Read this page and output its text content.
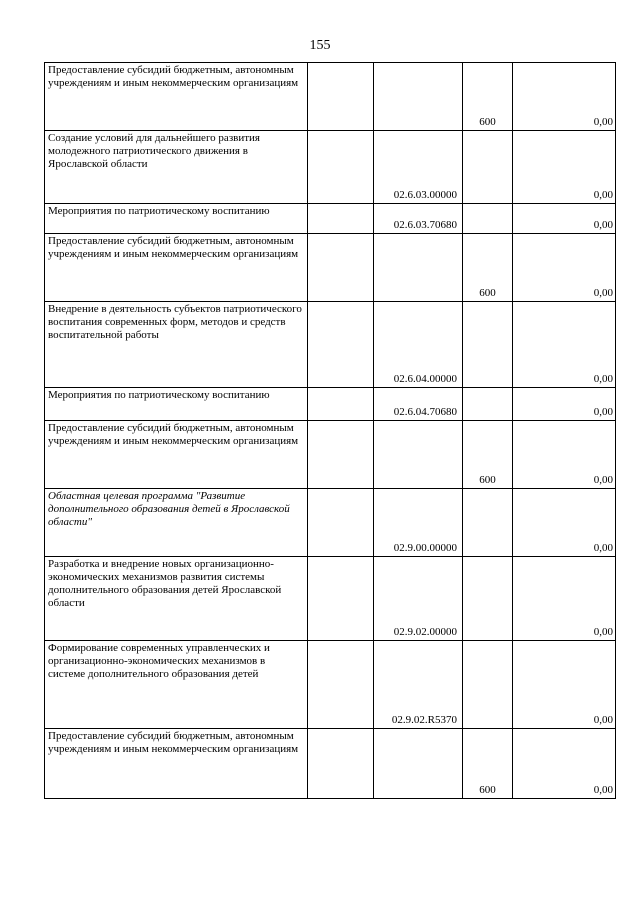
155
Предоставление субсидий бюджетным, автономным учреждениям и иным некоммерческим организациям			600	0,00

Создание условий для дальнейшего развития молодежного патриотического движения в Ярославской области		02.6.03.00000		0,00

Мероприятия по патриотическому воспитанию		02.6.03.70680		0,00

Предоставление субсидий бюджетным, автономным учреждениям и иным некоммерческим организациям			600	0,00

Внедрение в деятельность субъектов патриотического воспитания современных форм, методов и средств воспитательной работы		02.6.04.00000		0,00

Мероприятия по патриотическому воспитанию		02.6.04.70680		0,00

Предоставление субсидий бюджетным, автономным учреждениям и иным некоммерческим организациям			600	0,00

Областная целевая программа "Развитие дополнительного образования детей в Ярославской области"		02.9.00.00000		0,00

Разработка и внедрение новых организационно-экономических механизмов развития системы дополнительного образования детей Ярославской области		02.9.02.00000		0,00

Формирование современных управленческих и организационно-экономических механизмов в системе дополнительного образования детей		02.9.02.R5370		0,00

Предоставление субсидий бюджетным, автономным учреждениям и иным некоммерческим организациям			600	0,00
